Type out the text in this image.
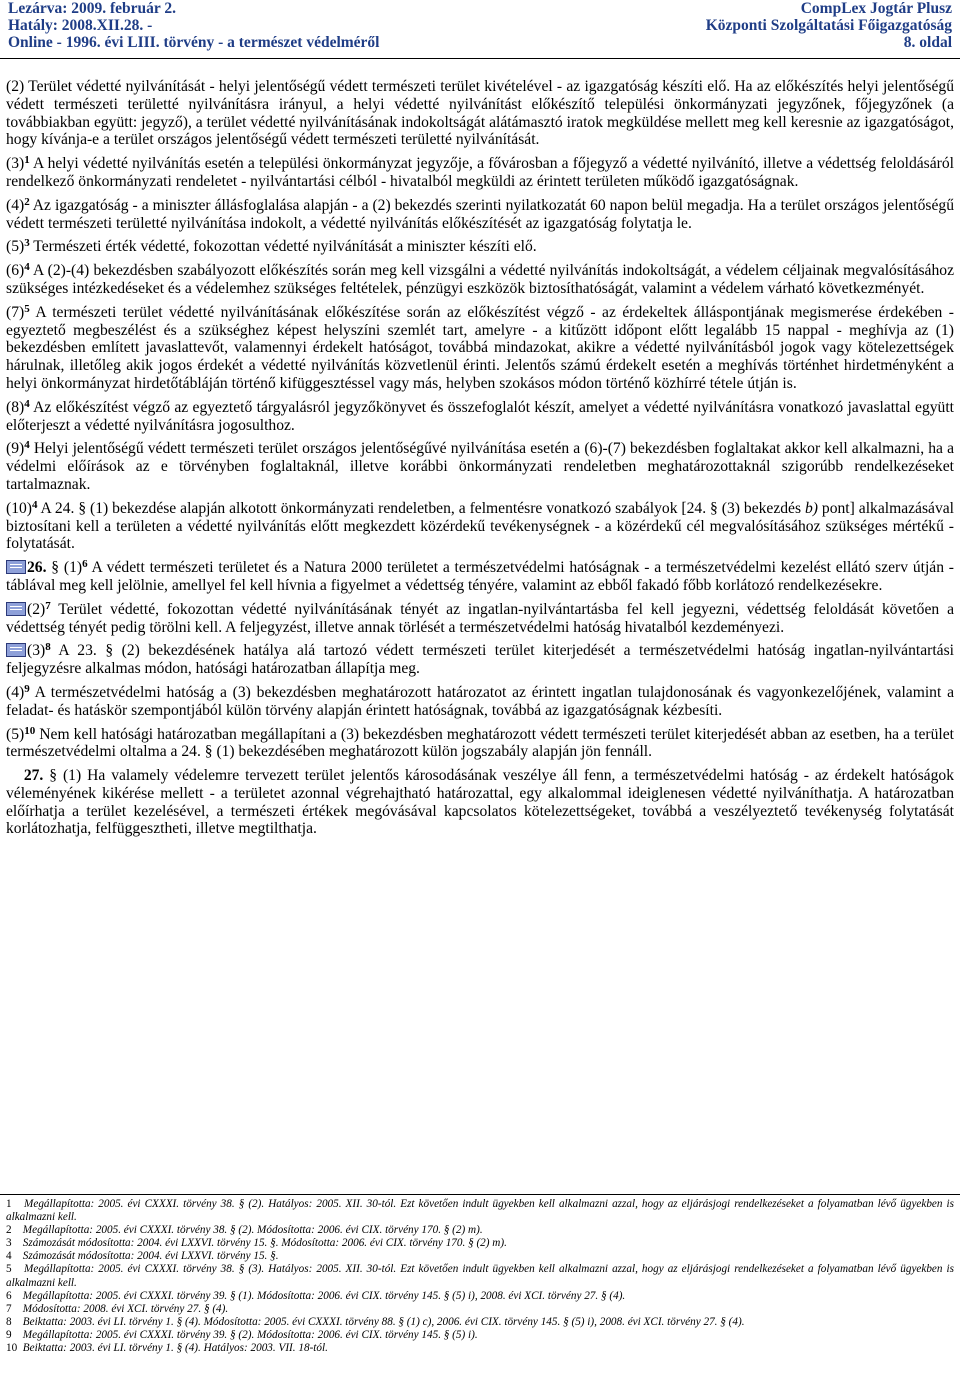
Lezárva: 2009. február 2.
Hatály: 2008.XII.28. -
Online - 1996. évi LIII. törvény - a természet védelméről
CompLex Jogtár Plusz
Központi Szolgáltatási Főigazgatóság
8. oldal

(2) Terület védetté nyilvánítását - helyi jelentőségű védett természeti terület kivételével - az igazgatóság készíti elő. Ha az előkészítés helyi jelentőségű védett természeti területté nyilvánításra irányul, a helyi védetté nyilvánítást előkészítő települési önkormányzati jegyzőnek, főjegyzőnek (a továbbiakban együtt: jegyző), a terület védetté nyilvánításának indokoltságát alátámasztó iratok megküldése mellett meg kell keresnie az igazgatóságot, hogy kívánja-e a terület országos jelentőségű védett természeti területté nyilvánítását.

$(3)^1$ A helyi védetté nyilvánítás esetén a települési önkormányzat jegyzője, a fővárosban a főjegyző a védetté nyilvánító, illetve a védettség feloldásáról rendelkező önkormányzati rendeletet - nyilvántartási célból - hivatalból megküldi az érintett területen működő igazgatóságnak.

$(4)^2$ Az igazgatóság - a miniszter állásfoglalása alapján - a (2) bekezdés szerinti nyilatkozatát 60 napon belül megadja. Ha a terület országos jelentőségű védett természeti területté nyilvánítása indokolt, a védetté nyilvánítás előkészítését az igazgatóság folytatja le.

$(5)^3$ Természeti érték védetté, fokozottan védetté nyilvánítását a miniszter készíti elő.

$(6)^4$ A (2)-(4) bekezdésben szabályozott előkészítés során meg kell vizsgálni a védetté nyilvánítás indokoltságát, a védelem céljainak megvalósításához szükséges intézkedéseket és a védelemhez szükséges feltételek, pénzügyi eszközök biztosíthatóságát, valamint a védelem várható következményét.

$(7)^5$ A természeti terület védetté nyilvánításának előkészítése során az előkészítést végző - az érdekeltek álláspontjának megismerése érdekében - egyeztető megbeszélést és a szükséghez képest helyszíni szemlét tart, amelyre - a kitűzött időpont előtt legalább 15 nappal - meghívja az (1) bekezdésben említett javaslattevőt, valamennyi érdekelt hatóságot, továbbá mindazokat, akikre a védetté nyilvánításból jogok vagy kötelezettségek hárulnak, illetőleg akik jogos érdekét a védetté nyilvánítás közvetlenül érinti. Jelentős számú érdekelt esetén a meghívás történhet hirdetményként a helyi önkormányzat hirdetőtábláján történő kifüggesztéssel vagy más, helyben szokásos módon történő közhírré tétele útján is.

$(8)^4$ Az előkészítést végző az egyeztető tárgyalásról jegyzőkönyvet és összefoglalót készít, amelyet a védetté nyilvánításra vonatkozó javaslattal együtt előterjeszt a védetté nyilvánításra jogosulthoz.

$(9)^4$ Helyi jelentőségű védett természeti terület országos jelentőségűvé nyilvánítása esetén a (6)-(7) bekezdésben foglaltakat akkor kell alkalmazni, ha a védelmi előírások az e törvényben foglaltaknál, illetve korábbi önkormányzati rendeletben meghatározottaknál szigorúbb rendelkezéseket tartalmaznak.

$(10)^4$ A 24. § (1) bekezdése alapján alkotott önkormányzati rendeletben, a felmentésre vonatkozó szabályok [24. § (3) bekezdés b) pont] alkalmazásával biztosítani kell a területen a védetté nyilvánítás előtt megkezdett közérdekű tevékenységnek - a közérdekű cél megvalósításához szükséges mértékű - folytatását.

26. § $(1)^6$ A védett természeti területet és a Natura 2000 területet a természetvédelmi hatóságnak - a természetvédelmi kezelést ellátó szerv útján - táblával meg kell jelölnie, amellyel fel kell hívnia a figyelmet a védettség tényére, valamint az ebből fakadó főbb korlátozó rendelkezésekre.

$(2)^7$ Terület védetté, fokozottan védetté nyilvánításának tényét az ingatlan-nyilvántartásba fel kell jegyezni, védettség feloldását követően a védettség tényét pedig törölni kell. A feljegyzést, illetve annak törlését a természetvédelmi hatóság hivatalból kezdeményezi.

$(3)^8$ A 23. § (2) bekezdésének hatálya alá tartozó védett természeti terület kiterjedését a természetvédelmi hatóság ingatlan-nyilvántartási feljegyzésre alkalmas módon, hatósági határozatban állapítja meg.

$(4)^9$ A természetvédelmi hatóság a (3) bekezdésben meghatározott határozatot az érintett ingatlan tulajdonosának és vagyonkezelőjének, valamint a feladat- és hatáskör szempontjából külön törvény alapján érintett hatóságnak, továbbá az igazgatóságnak kézbesíti.

$(5)^{10}$ Nem kell hatósági határozatban megállapítani a (3) bekezdésben meghatározott védett természeti terület kiterjedését abban az esetben, ha a terület természetvédelmi oltalma a 24. § (1) bekezdésében meghatározott külön jogszabály alapján jön fennáll.

27. § (1) Ha valamely védelemre tervezett terület jelentős károsodásának veszélye áll fenn, a természetvédelmi hatóság - az érdekelt hatóságok véleményének kikérése mellett - a területet azonnal végrehajtható határozattal, egy alkalommal ideiglenesen védetté nyilváníthatja. A határozatban előírhatja a terület kezelésével, a természeti értékek megóvásával kapcsolatos kötelezettségeket, továbbá a veszélyeztető tevékenység folytatását korlátozhatja, felfüggesztheti, illetve megtilthatja.

1 Megállapította: 2005. évi CXXXI. törvény 38. § (2). Hatályos: 2005. XII. 30-tól. Ezt követően indult ügyekben kell alkalmazni azzal, hogy az eljárásjogi rendelkezéseket a folyamatban lévő ügyekben is alkalmazni kell.
2 Megállapította: 2005. évi CXXXI. törvény 38. § (2). Módosította: 2006. évi CIX. törvény 170. § (2) m).
3 Számozását módosította: 2004. évi LXXVI. törvény 15. §. Módosította: 2006. évi CIX. törvény 170. § (2) m).
4 Számozását módosította: 2004. évi LXXVI. törvény 15. §.
5 Megállapította: 2005. évi CXXXI. törvény 38. § (3). Hatályos: 2005. XII. 30-tól. Ezt követően indult ügyekben kell alkalmazni azzal, hogy az eljárásjogi rendelkezéseket a folyamatban lévő ügyekben is alkalmazni kell.
6 Megállapította: 2005. évi CXXXI. törvény 39. § (1). Módosította: 2006. évi CIX. törvény 145. § (5) i), 2008. évi XCI. törvény 27. § (4).
7 Módosította: 2008. évi XCI. törvény 27. § (4).
8 Beiktatta: 2003. évi LI. törvény 1. § (4). Módosította: 2005. évi CXXXI. törvény 88. § (1) c), 2006. évi CIX. törvény 145. § (5) i), 2008. évi XCI. törvény 27. § (4).
9 Megállapította: 2005. évi CXXXI. törvény 39. § (2). Módosította: 2006. évi CIX. törvény 145. § (5) i).
10 Beiktatta: 2003. évi LI. törvény 1. § (4). Hatályos: 2003. VII. 18-tól.
